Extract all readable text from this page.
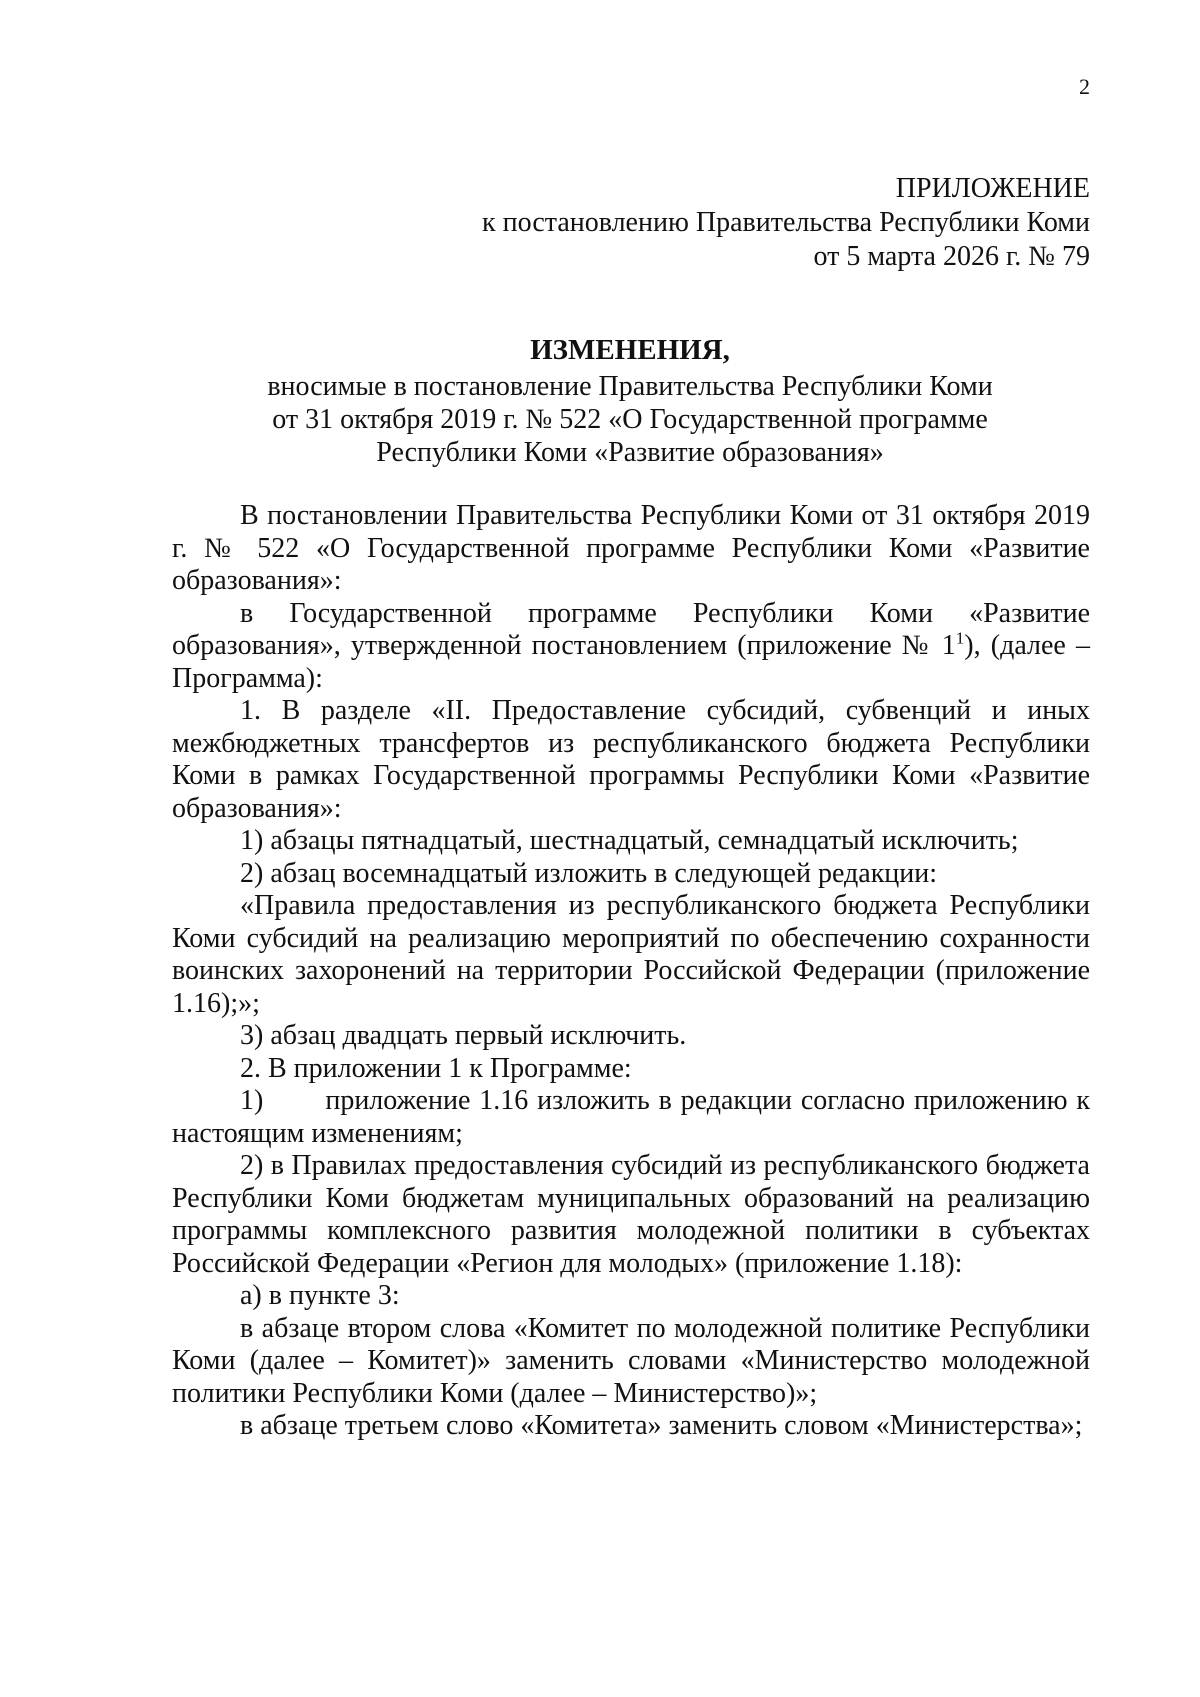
2
ПРИЛОЖЕНИЕ
к постановлению Правительства Республики Коми
от 5 марта 2026 г. № 79
ИЗМЕНЕНИЯ,
вносимые в постановление Правительства Республики Коми
от 31 октября 2019 г. № 522 «О Государственной программе
Республики Коми «Развитие образования»

В постановлении Правительства Республики Коми от 31 октября 2019 г. № 522 «О Государственной программе Республики Коми «Развитие образования»:

в Государственной программе Республики Коми «Развитие образования», утвержденной постановлением (приложение № $1^1$), (далее – Программа):

1. В разделе «II. Предоставление субсидий, субвенций и иных межбюджетных трансфертов из республиканского бюджета Республики Коми в рамках Государственной программы Республики Коми «Развитие образования»:

1) абзацы пятнадцатый, шестнадцатый, семнадцатый исключить;

2) абзац восемнадцатый изложить в следующей редакции:

«Правила предоставления из республиканского бюджета Республики Коми субсидий на реализацию мероприятий по обеспечению сохранности воинских захоронений на территории Российской Федерации (приложение 1.16);»;

3) абзац двадцать первый исключить.

2. В приложении 1 к Программе:

1)       приложение 1.16 изложить в редакции согласно приложению к настоящим изменениям;

2) в Правилах предоставления субсидий из республиканского бюджета Республики Коми бюджетам муниципальных образований на реализацию программы комплексного развития молодежной политики в субъектах Российской Федерации «Регион для молодых» (приложение 1.18):

а) в пункте 3:

в абзаце втором слова «Комитет по молодежной политике Республики Коми (далее – Комитет)» заменить словами «Министерство молодежной политики Республики Коми (далее – Министерство)»;

в абзаце третьем слово «Комитета» заменить словом «Министерства»;
